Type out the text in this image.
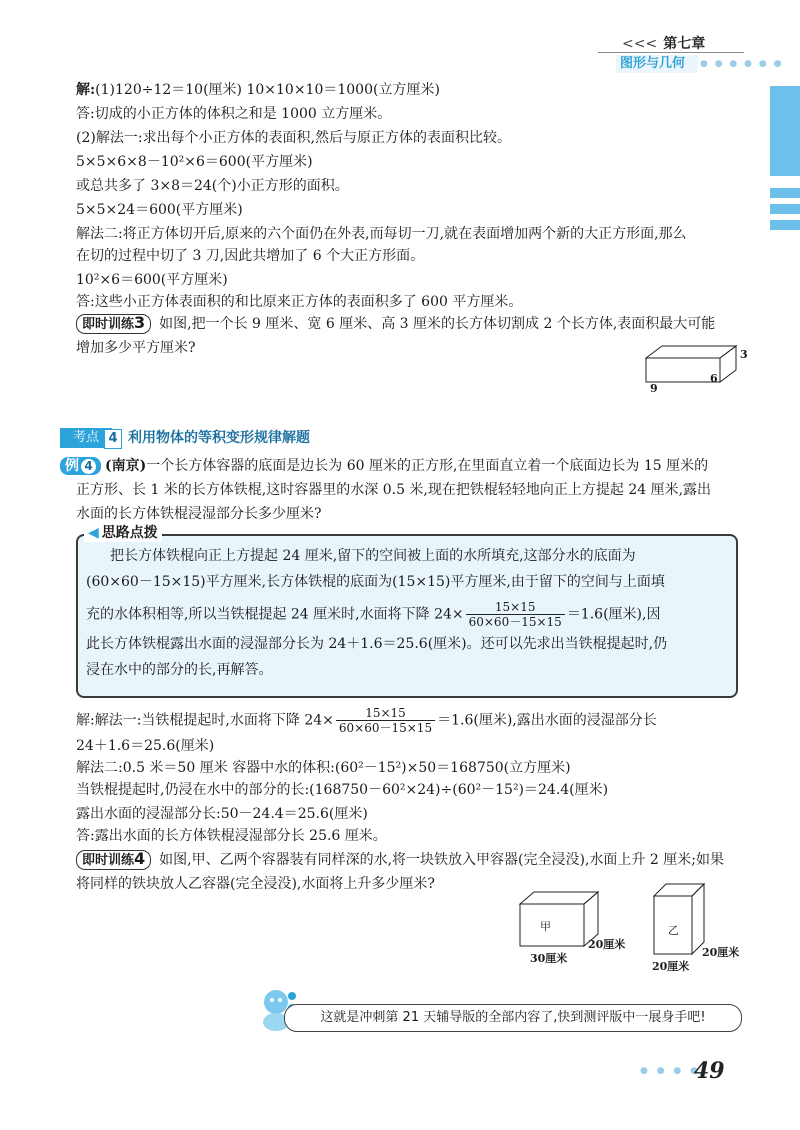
<<< 第七章
图形与几何	● ● ● ● ● ●
解:(1)120÷12＝10(厘米) 10×10×10＝1000(立方厘米)
答:切成的小正方体的体积之和是 1000 立方厘米。
(2)解法一:求出每个小正方体的表面积,然后与原正方体的表面积比较。
5×5×6×8－10²×6＝600(平方厘米)
或总共多了 3×8＝24(个)小正方形的面积。
5×5×24＝600(平方厘米)
解法二:将正方体切开后,原来的六个面仍在外表,而每切一刀,就在表面增加两个新的大正方形面,那么
在切的过程中切了 3 刀,因此共增加了 6 个大正方形面。
10²×6＝600(平方厘米)
答:这些小正方体表面积的和比原来正方体的表面积多了 600 平方厘米。
即时训练3 如图,把一个长 9 厘米、宽 6 厘米、高 3 厘米的长方体切割成 2 个长方体,表面积最大可能
增加多少平方厘米?
9
6
3
考点 4 利用物体的等积变形规律解题
例 4 (南京)一个长方体容器的底面是边长为 60 厘米的正方形,在里面直立着一个底面边长为 15 厘米的
正方形、长 1 米的长方体铁棍,这时容器里的水深 0.5 米,现在把铁棍轻轻地向正上方提起 24 厘米,露出
水面的长方体铁棍浸湿部分长多少厘米?
◀ 思路点拨
把长方体铁棍向正上方提起 24 厘米,留下的空间被上面的水所填充,这部分水的底面为
(60×60－15×15)平方厘米,长方体铁棍的底面为(15×15)平方厘米,由于留下的空间与上面填
充的水体积相等,所以当铁棍提起 24 厘米时,水面将下降 $24\times \frac{15\times 15}{60\times 60-15\times 15} =1.6$(厘米),因
此长方体铁棍露出水面的浸湿部分长为 24＋1.6＝25.6(厘米)。还可以先求出当铁棍提起时,仍
浸在水中的部分的长,再解答。
解:解法一:当铁棍提起时,水面将下降 $24\times \frac{15\times 15}{60\times 60-15\times 15} =1.6$(厘米),露出水面的浸湿部分长
24＋1.6＝25.6(厘米)
解法二:0.5 米＝50 厘米 容器中水的体积:(60²－15²)×50＝168750(立方厘米)
当铁棍提起时,仍浸在水中的部分的长:(168750－60²×24)÷(60²－15²)＝24.4(厘米)
露出水面的浸湿部分长:50－24.4＝25.6(厘米)
答:露出水面的长方体铁棍浸湿部分长 25.6 厘米。
即时训练4 如图,甲、乙两个容器装有同样深的水,将一块铁放入甲容器(完全浸没),水面上升 2 厘米;如果
将同样的铁块放人乙容器(完全浸没),水面将上升多少厘米?
甲
30厘米
20厘米
乙
20厘米
20厘米
这就是冲刺第 21 天辅导版的全部内容了,快到测评版中一展身手吧!
● ● ● ●
49
